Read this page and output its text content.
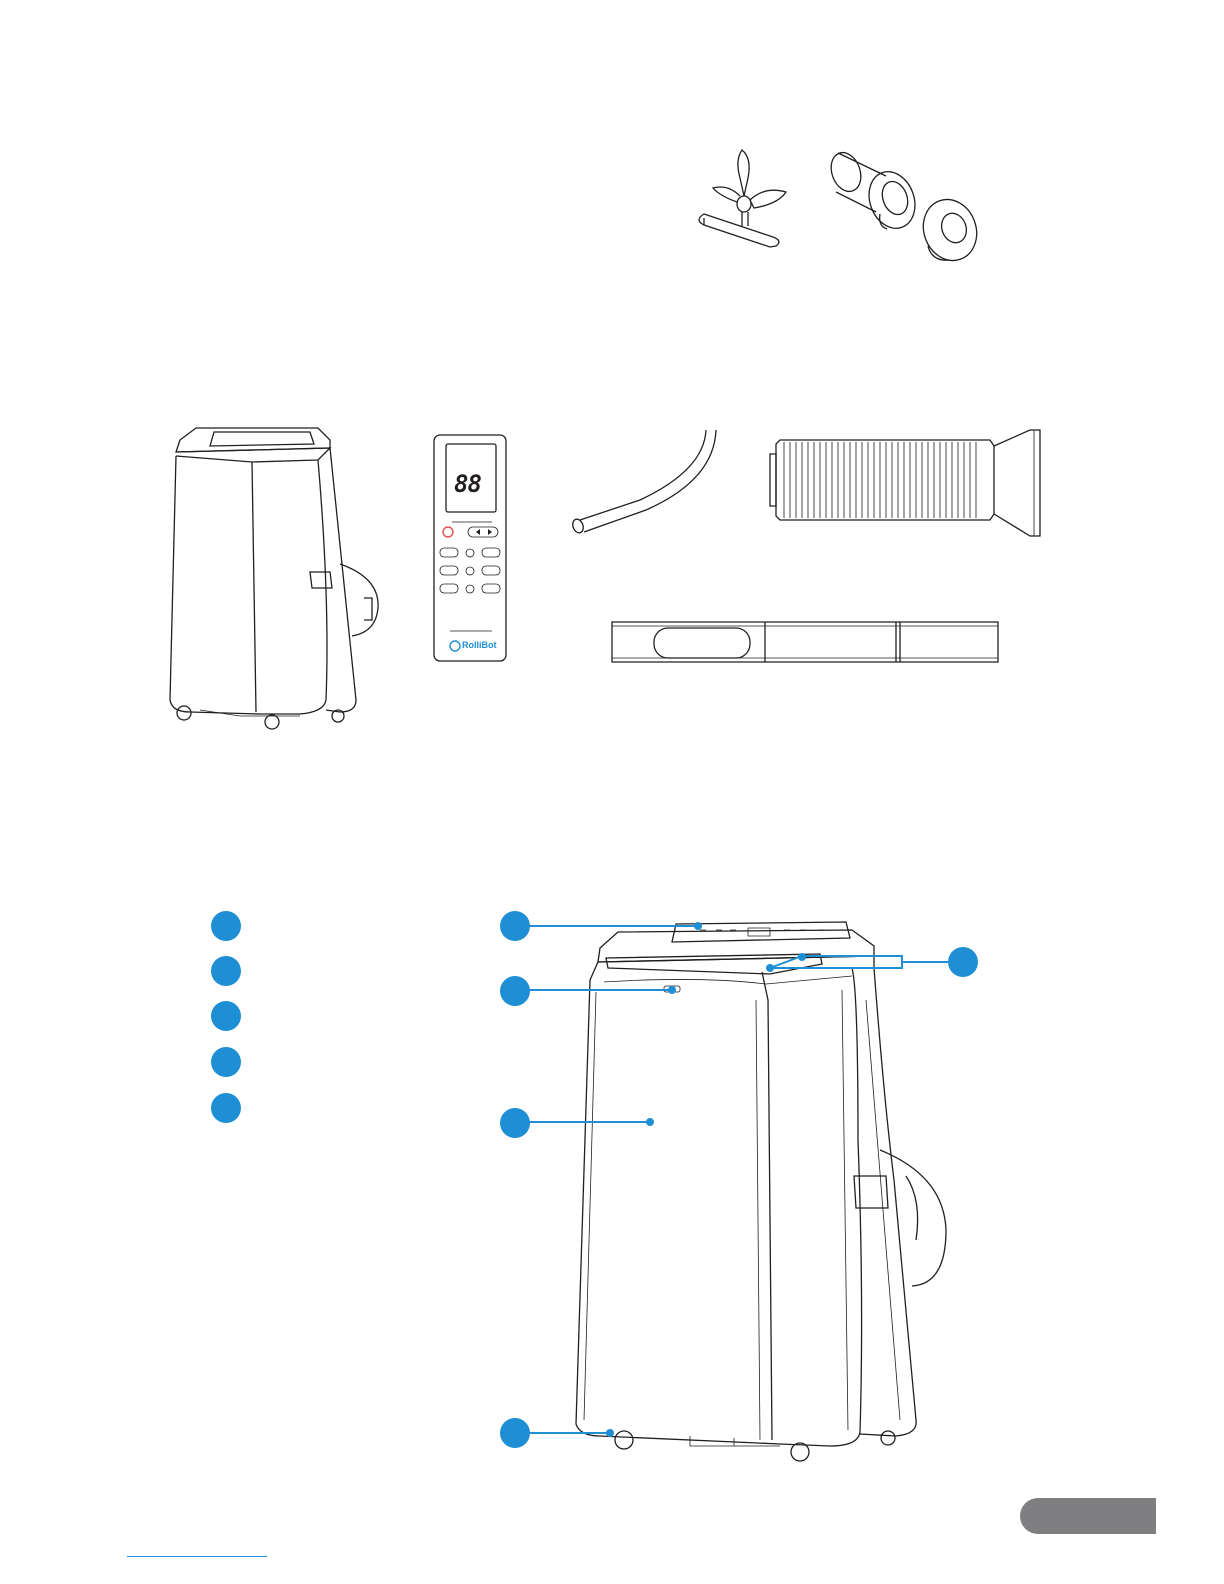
88
RolliBot
